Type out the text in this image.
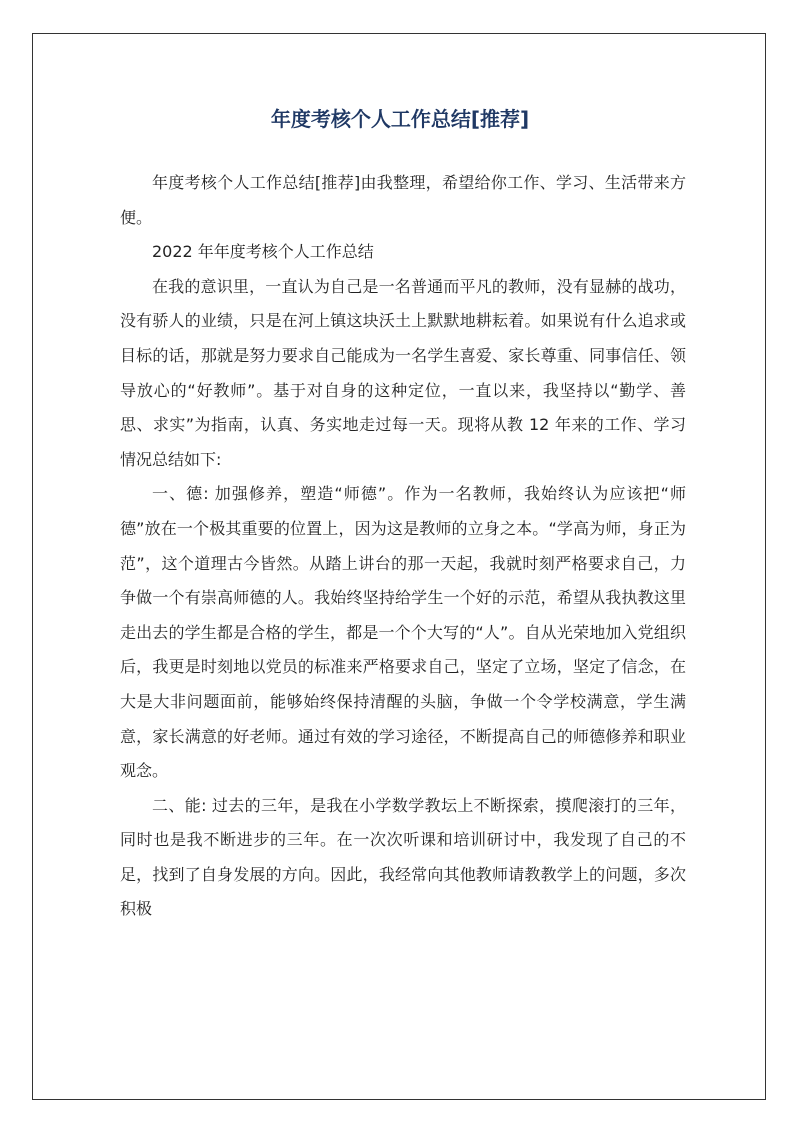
年度考核个人工作总结[推荐]

年度考核个人工作总结[推荐]由我整理，希望给你工作、学习、生活带来方便。

2022 年年度考核个人工作总结

在我的意识里，一直认为自己是一名普通而平凡的教师，没有显赫的战功，没有骄人的业绩，只是在河上镇这块沃土上默默地耕耘着。如果说有什么追求或目标的话，那就是努力要求自己能成为一名学生喜爱、家长尊重、同事信任、领导放心的“好教师”。基于对自身的这种定位，一直以来，我坚持以“勤学、善思、求实”为指南，认真、务实地走过每一天。现将从教 12 年来的工作、学习情况总结如下:

一、德: 加强修养，塑造“师德”。作为一名教师，我始终认为应该把“师德”放在一个极其重要的位置上，因为这是教师的立身之本。“学高为师，身正为范”，这个道理古今皆然。从踏上讲台的那一天起，我就时刻严格要求自己，力争做一个有崇高师德的人。我始终坚持给学生一个好的示范，希望从我执教这里走出去的学生都是合格的学生，都是一个个大写的“人”。自从光荣地加入党组织后，我更是时刻地以党员的标准来严格要求自己，坚定了立场，坚定了信念，在大是大非问题面前，能够始终保持清醒的头脑，争做一个令学校满意，学生满意，家长满意的好老师。通过有效的学习途径，不断提高自己的师德修养和职业观念。

二、能: 过去的三年，是我在小学数学教坛上不断探索，摸爬滚打的三年，同时也是我不断进步的三年。在一次次听课和培训研讨中，我发现了自己的不足，找到了自身发展的方向。因此，我经常向其他教师请教教学上的问题，多次积极
